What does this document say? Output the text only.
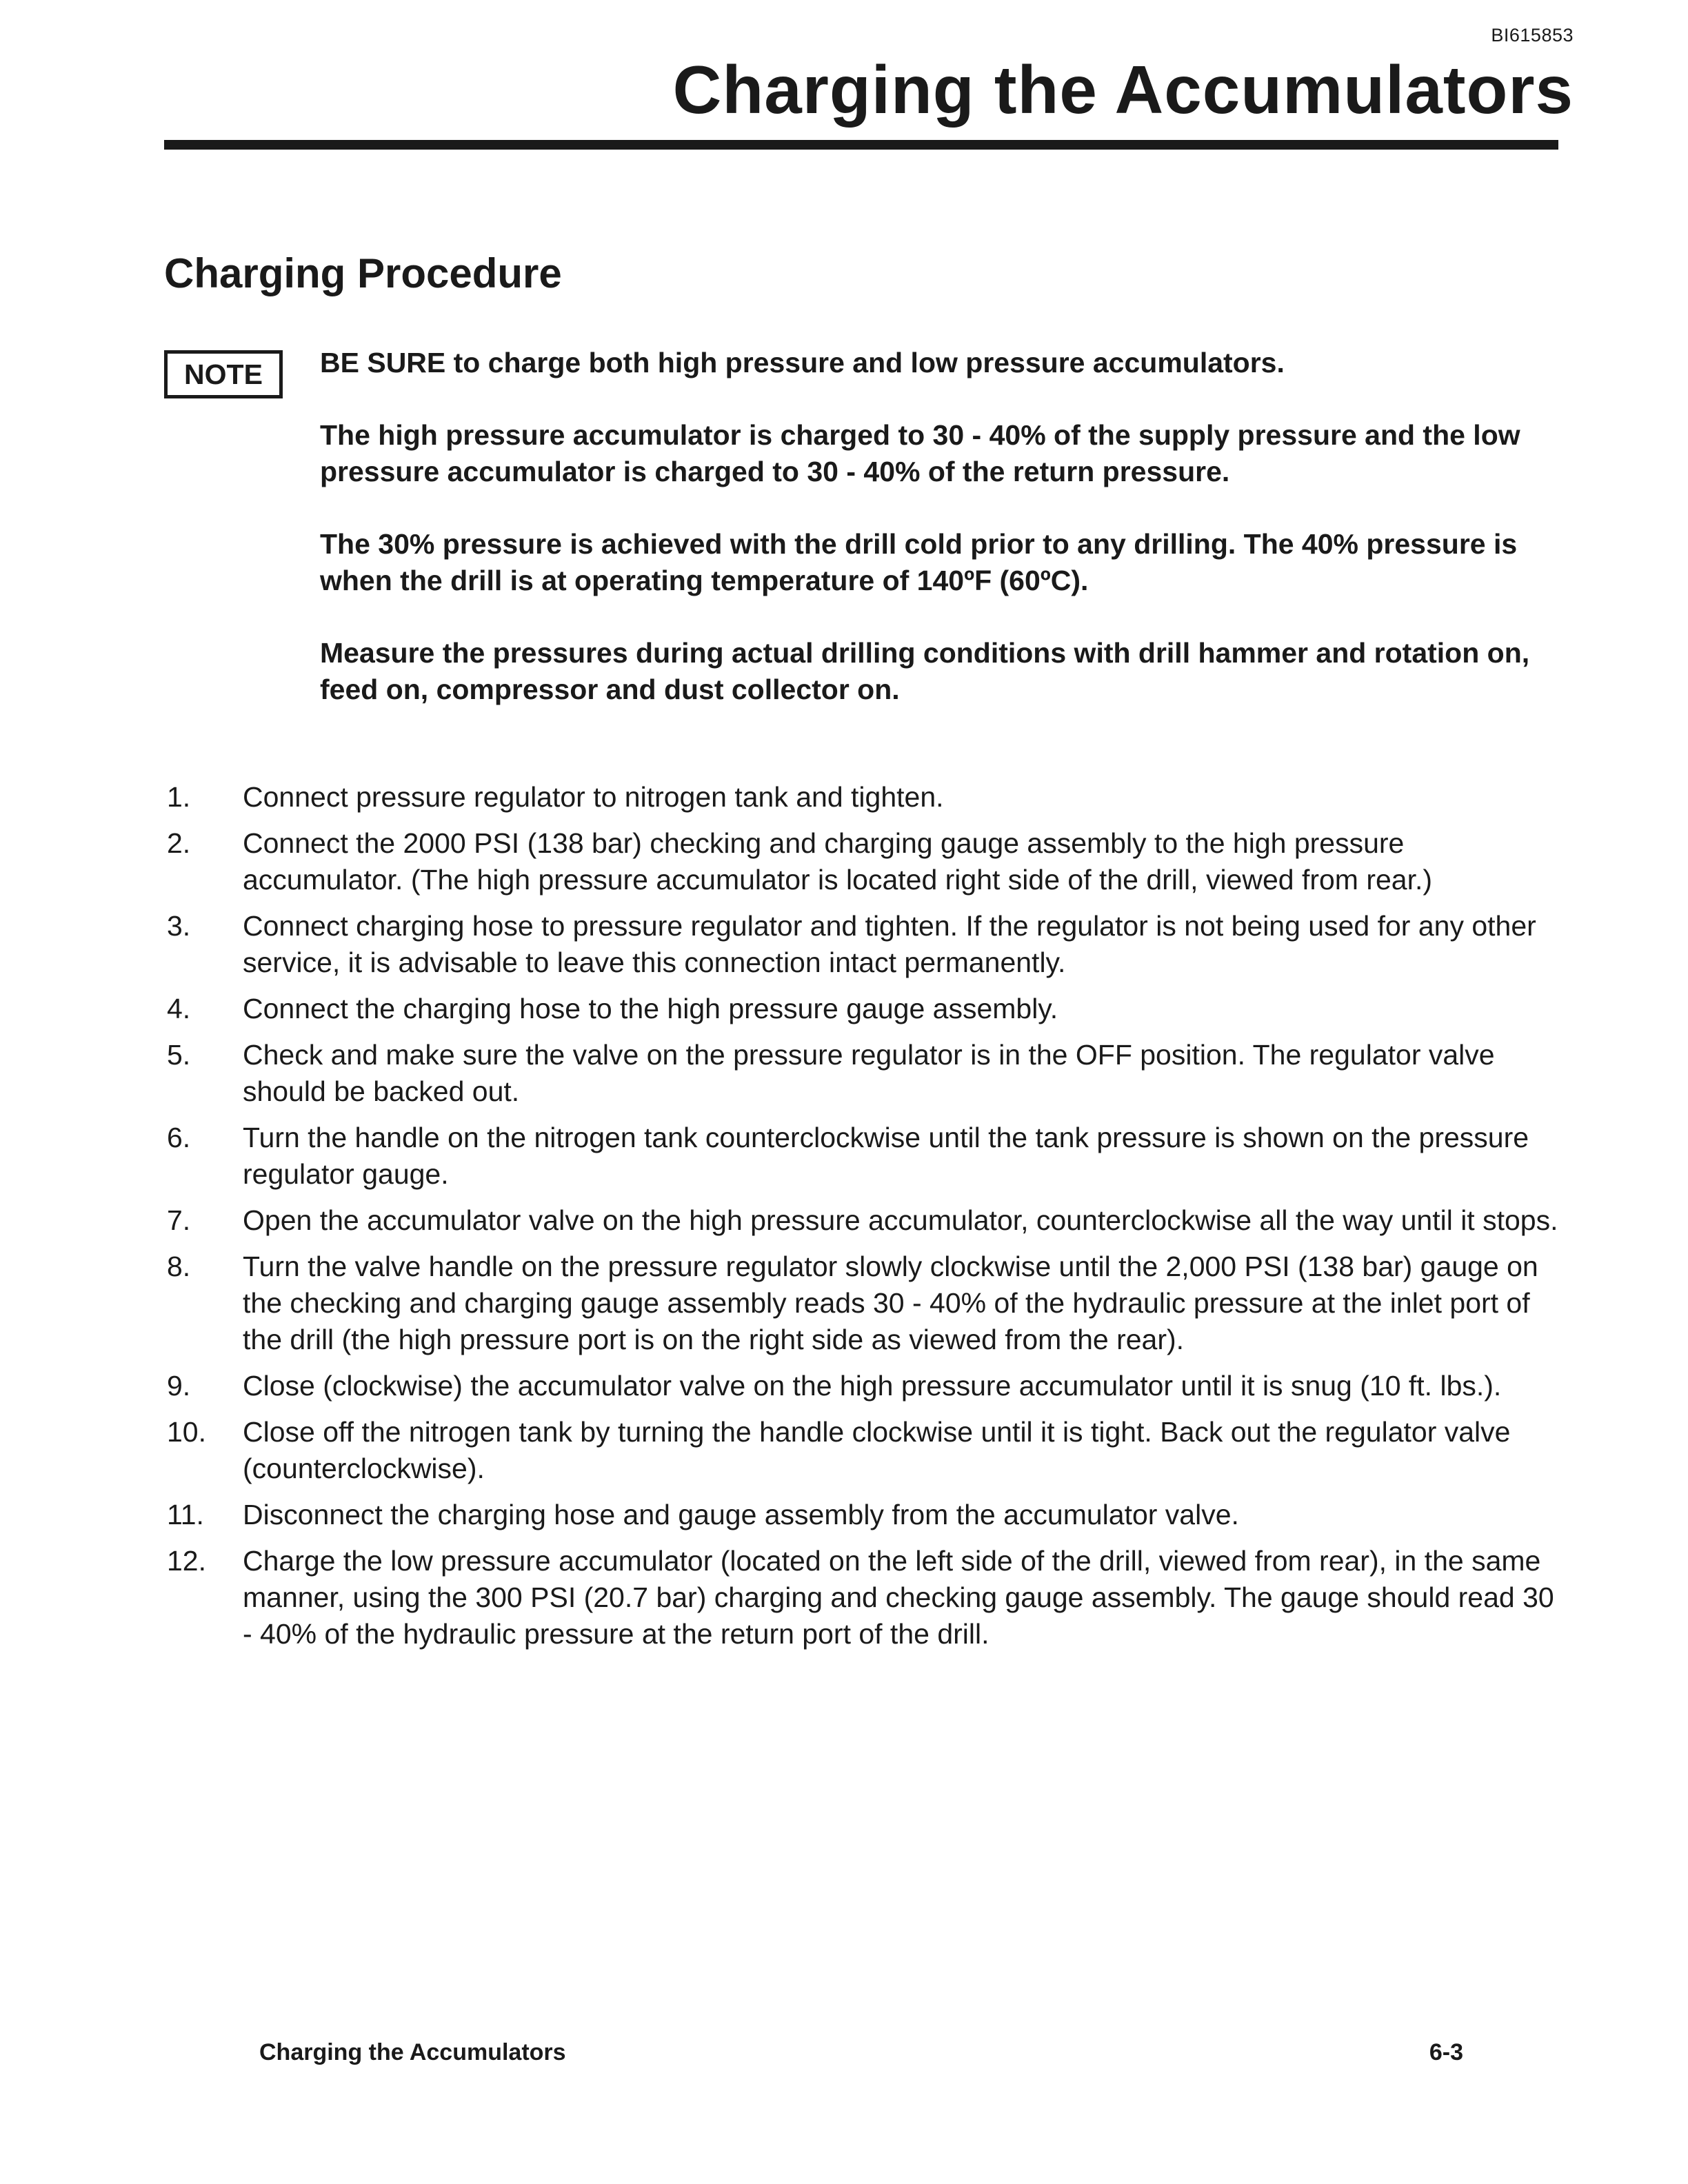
BI615853
Charging the Accumulators
Charging Procedure
NOTE	BE SURE to charge both high pressure and low pressure accumulators.

The high pressure accumulator is charged to 30 - 40% of the supply pressure and the low pressure accumulator is charged to 30 - 40% of the return pressure.

The 30% pressure is achieved with the drill cold prior to any drilling. The 40% pressure is when the drill is at operating temperature of 140ºF (60ºC).

Measure the pressures during actual drilling conditions with drill hammer and rotation on, feed on, compressor and dust collector on.

1.	Connect pressure regulator to nitrogen tank and tighten.
2.	Connect the 2000 PSI (138 bar) checking and charging gauge assembly to the high pressure accumulator. (The high pressure accumulator is located right side of the drill, viewed from rear.)
3.	Connect charging hose to pressure regulator and tighten. If the regulator is not being used for any other service, it is advisable to leave this connection intact permanently.
4.	Connect the charging hose to the high pressure gauge assembly.
5.	Check and make sure the valve on the pressure regulator is in the OFF position. The regulator valve should be backed out.
6.	Turn the handle on the nitrogen tank counterclockwise until the tank pressure is shown on the pressure regulator gauge.
7.	Open the accumulator valve on the high pressure accumulator, counterclockwise all the way until it stops.
8.	Turn the valve handle on the pressure regulator slowly clockwise until the 2,000 PSI (138 bar) gauge on the checking and charging gauge assembly reads 30 - 40% of the hydraulic pressure at the inlet port of the drill (the high pressure port is on the right side as viewed from the rear).
9.	Close (clockwise) the accumulator valve on the high pressure accumulator until it is snug (10 ft. lbs.).
10.	Close off the nitrogen tank by turning the handle clockwise until it is tight. Back out the regulator valve (counterclockwise).
11.	Disconnect the charging hose and gauge assembly from the accumulator valve.
12.	Charge the low pressure accumulator (located on the left side of the drill, viewed from rear), in the same manner, using the 300 PSI (20.7 bar) charging and checking gauge assembly. The gauge should read 30 - 40% of the hydraulic pressure at the return port of the drill.
Charging the Accumulators	6-3
